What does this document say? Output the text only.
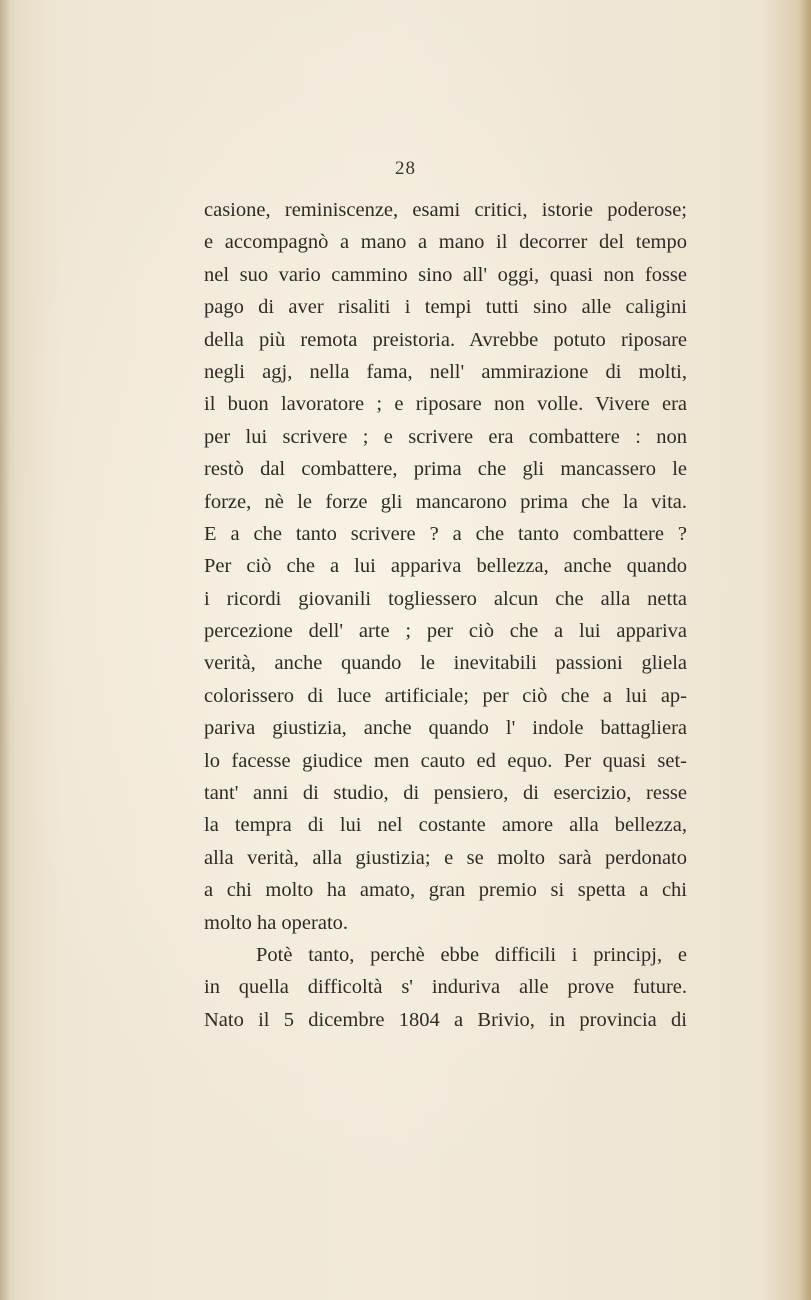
28
casione, reminiscenze, esami critici, istorie poderose;
e accompagnò a mano a mano il decorrer del tempo
nel suo vario cammino sino all' oggi, quasi non fosse
pago di aver risaliti i tempi tutti sino alle caligini
della più remota preistoria. Avrebbe potuto riposare
negli agj, nella fama, nell' ammirazione di molti,
il buon lavoratore ; e riposare non volle. Vivere era
per lui scrivere ; e scrivere era combattere : non
restò dal combattere, prima che gli mancassero le
forze, nè le forze gli mancarono prima che la vita.
E a che tanto scrivere ? a che tanto combattere ?
Per ciò che a lui appariva bellezza, anche quando
i ricordi giovanili togliessero alcun che alla netta
percezione dell' arte ; per ciò che a lui appariva
verità, anche quando le inevitabili passioni gliela
colorissero di luce artificiale; per ciò che a lui ap-
pariva giustizia, anche quando l' indole battagliera
lo facesse giudice men cauto ed equo. Per quasi set-
tant' anni di studio, di pensiero, di esercizio, resse
la tempra di lui nel costante amore alla bellezza,
alla verità, alla giustizia; e se molto sarà perdonato
a chi molto ha amato, gran premio si spetta a chi
molto ha operato.
Potè tanto, perchè ebbe difficili i principj, e
in quella difficoltà s' induriva alle prove future.
Nato il 5 dicembre 1804 a Brivio, in provincia di
